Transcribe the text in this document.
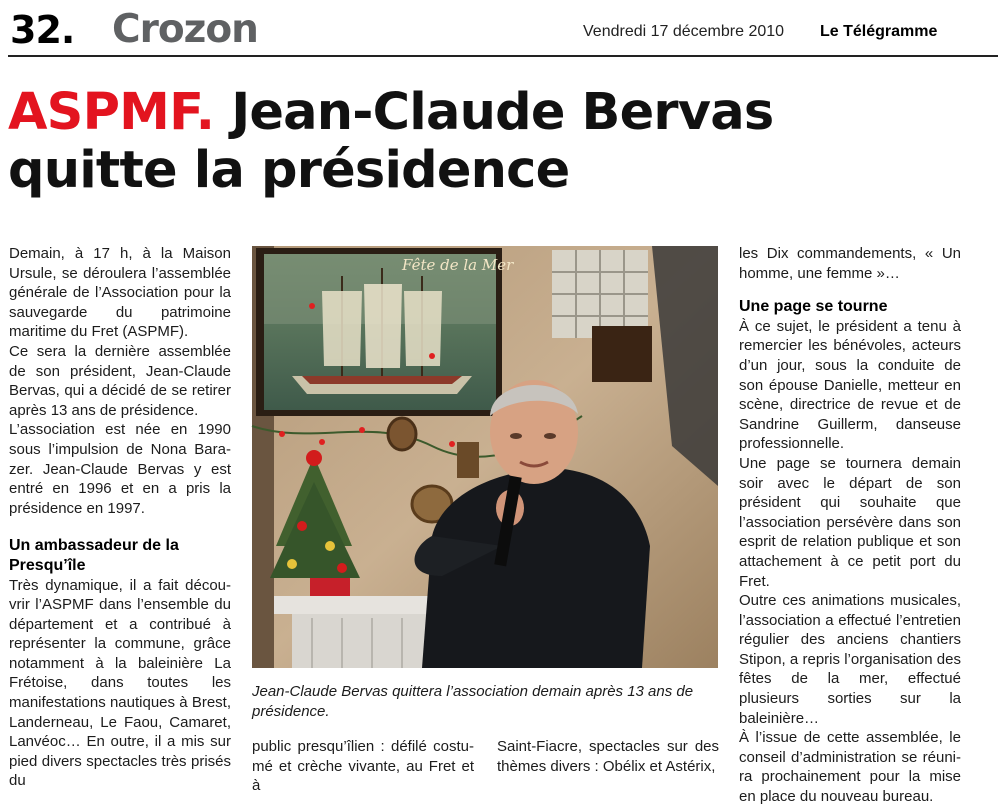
32. Crozon	Vendredi 17 décembre 2010 Le Télégramme
ASPMF. Jean-Claude Bervas
quitte la présidence

Demain, à 17 h, à la Maison Ursule, se déroulera l’assemblée générale de l’Association pour la sauvegarde du patrimoine maritime du Fret (ASPMF).

Ce sera la dernière assemblée de son président, Jean-Claude Bervas, qui a décidé de se retirer après 13 ans de présidence.

L’association est née en 1990 sous l’impulsion de Nona Barazer. Jean-Claude Bervas y est entré en 1996 et en a pris la présidence en 1997.

Un ambassadeur de la Presqu’île

Très dynamique, il a fait découvrir l’ASPMF dans l’ensemble du département et a contribué à représenter la commune, grâce notamment à la baleinière La Frétoise, dans toutes les manifestations nautiques à Brest, Landerneau, Le Faou, Camaret, Lanvéoc… En outre, il a mis sur pied divers spectacles très prisés du

Fête de la Mer
Jean-Claude Bervas quittera l’association demain après 13 ans de présidence.

public presqu’îlien : défilé costumé et crèche vivante, au Fret et à

Saint-Fiacre, spectacles sur des thèmes divers : Obélix et Astérix,

les Dix commandements, « Un homme, une femme »…

Une page se tourne

À ce sujet, le président a tenu à remercier les bénévoles, acteurs d’un jour, sous la conduite de son épouse Danielle, metteur en scène, directrice de revue et de Sandrine Guillerm, danseuse professionnelle.

Une page se tournera demain soir avec le départ de son président qui souhaite que l’association persévère dans son esprit de relation publique et son attachement à ce petit port du Fret.

Outre ces animations musicales, l’association a effectué l’entretien régulier des anciens chantiers Stipon, a repris l’organisation des fêtes de la mer, effectué plusieurs sorties sur la baleinière…

À l’issue de cette assemblée, le conseil d’administration se réunira prochainement pour la mise en place du nouveau bureau.
